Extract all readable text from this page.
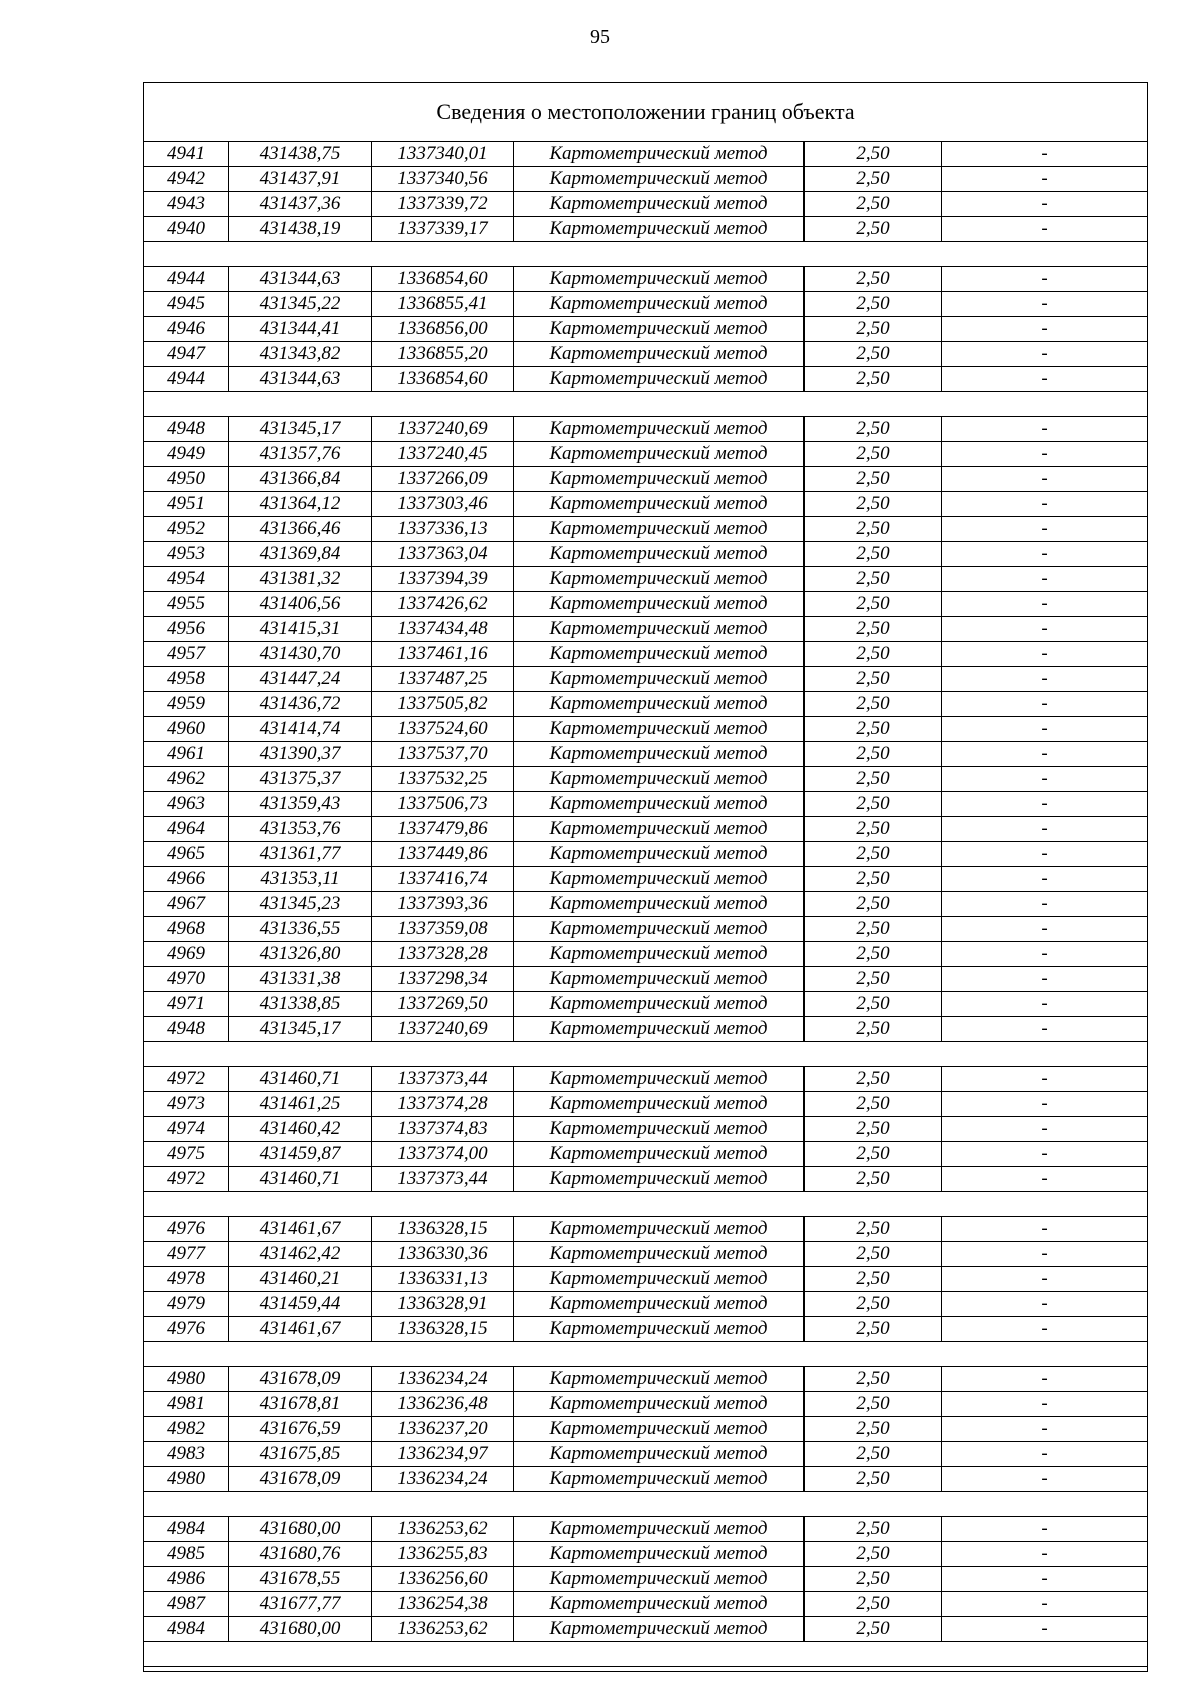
95
Сведения о местоположении границ объекта
4941	431438,75	1337340,01	Картометрический метод	2,50	-
4942	431437,91	1337340,56	Картометрический метод	2,50	-
4943	431437,36	1337339,72	Картометрический метод	2,50	-
4940	431438,19	1337339,17	Картометрический метод	2,50	-
4944	431344,63	1336854,60	Картометрический метод	2,50	-
4945	431345,22	1336855,41	Картометрический метод	2,50	-
4946	431344,41	1336856,00	Картометрический метод	2,50	-
4947	431343,82	1336855,20	Картометрический метод	2,50	-
4944	431344,63	1336854,60	Картометрический метод	2,50	-
4948	431345,17	1337240,69	Картометрический метод	2,50	-
4949	431357,76	1337240,45	Картометрический метод	2,50	-
4950	431366,84	1337266,09	Картометрический метод	2,50	-
4951	431364,12	1337303,46	Картометрический метод	2,50	-
4952	431366,46	1337336,13	Картометрический метод	2,50	-
4953	431369,84	1337363,04	Картометрический метод	2,50	-
4954	431381,32	1337394,39	Картометрический метод	2,50	-
4955	431406,56	1337426,62	Картометрический метод	2,50	-
4956	431415,31	1337434,48	Картометрический метод	2,50	-
4957	431430,70	1337461,16	Картометрический метод	2,50	-
4958	431447,24	1337487,25	Картометрический метод	2,50	-
4959	431436,72	1337505,82	Картометрический метод	2,50	-
4960	431414,74	1337524,60	Картометрический метод	2,50	-
4961	431390,37	1337537,70	Картометрический метод	2,50	-
4962	431375,37	1337532,25	Картометрический метод	2,50	-
4963	431359,43	1337506,73	Картометрический метод	2,50	-
4964	431353,76	1337479,86	Картометрический метод	2,50	-
4965	431361,77	1337449,86	Картометрический метод	2,50	-
4966	431353,11	1337416,74	Картометрический метод	2,50	-
4967	431345,23	1337393,36	Картометрический метод	2,50	-
4968	431336,55	1337359,08	Картометрический метод	2,50	-
4969	431326,80	1337328,28	Картометрический метод	2,50	-
4970	431331,38	1337298,34	Картометрический метод	2,50	-
4971	431338,85	1337269,50	Картометрический метод	2,50	-
4948	431345,17	1337240,69	Картометрический метод	2,50	-
4972	431460,71	1337373,44	Картометрический метод	2,50	-
4973	431461,25	1337374,28	Картометрический метод	2,50	-
4974	431460,42	1337374,83	Картометрический метод	2,50	-
4975	431459,87	1337374,00	Картометрический метод	2,50	-
4972	431460,71	1337373,44	Картометрический метод	2,50	-
4976	431461,67	1336328,15	Картометрический метод	2,50	-
4977	431462,42	1336330,36	Картометрический метод	2,50	-
4978	431460,21	1336331,13	Картометрический метод	2,50	-
4979	431459,44	1336328,91	Картометрический метод	2,50	-
4976	431461,67	1336328,15	Картометрический метод	2,50	-
4980	431678,09	1336234,24	Картометрический метод	2,50	-
4981	431678,81	1336236,48	Картометрический метод	2,50	-
4982	431676,59	1336237,20	Картометрический метод	2,50	-
4983	431675,85	1336234,97	Картометрический метод	2,50	-
4980	431678,09	1336234,24	Картометрический метод	2,50	-
4984	431680,00	1336253,62	Картометрический метод	2,50	-
4985	431680,76	1336255,83	Картометрический метод	2,50	-
4986	431678,55	1336256,60	Картометрический метод	2,50	-
4987	431677,77	1336254,38	Картометрический метод	2,50	-
4984	431680,00	1336253,62	Картометрический метод	2,50	-
